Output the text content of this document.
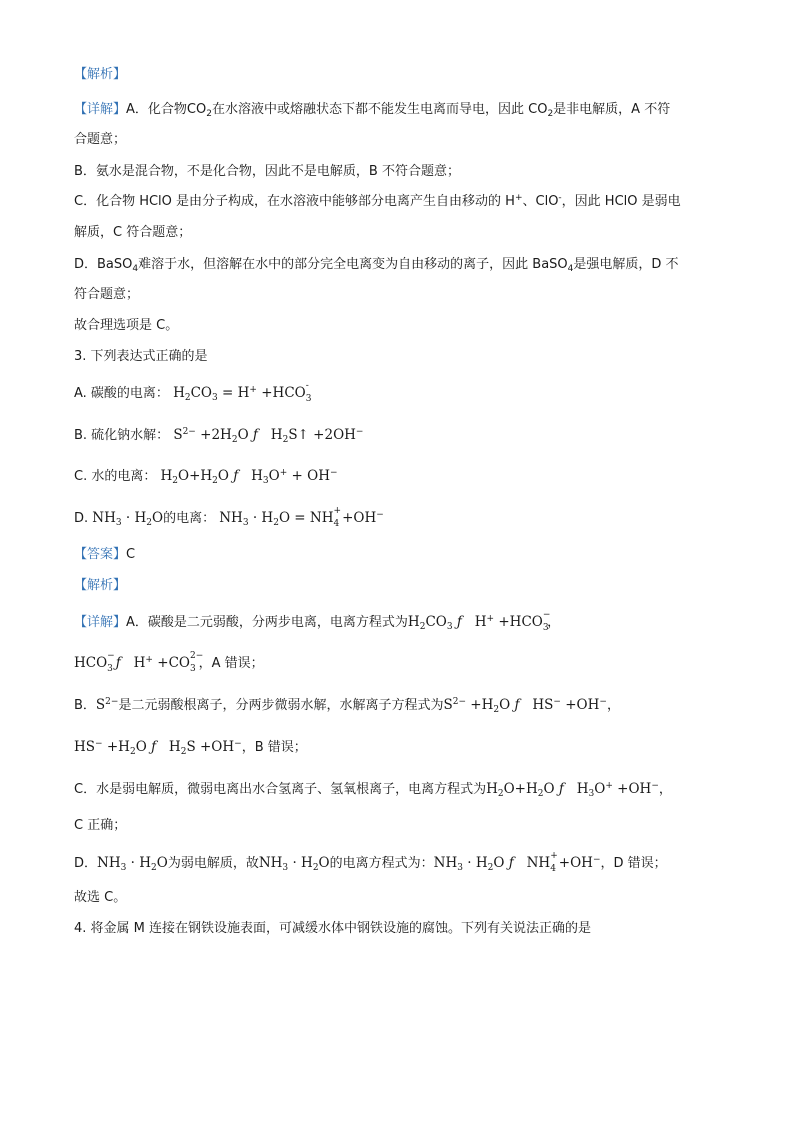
【解析】
【详解】A．化合物$CO_2$在水溶液中或熔融状态下都不能发生电离而导电，因此 $CO_2$是非电解质，A 不符
合题意；
B．氨水是混合物，不是化合物，因此不是电解质，B 不符合题意；
C．化合物 HClO 是由分子构成，在水溶液中能够部分电离产生自由移动的 H+、ClO-，因此 HClO 是弱电
解质，C 符合题意；
D．BaSO$_4$难溶于水，但溶解在水中的部分完全电离变为自由移动的离子，因此 BaSO$_4$是强电解质，D 不
符合题意；
故合理选项是 C。
3. 下列表达式正确的是
A. 碳酸的电离： $H_2CO_3 = H^+ +HCO$ -
3

B. 硫化钠水解： $S^{2-} +2H_2O$ ƒ   $H_2S↑ +2OH^-$
C. 水的电离： $H_2O+H_2O$ ƒ   $H_3O^+ + OH^-$
D. $NH_3 \cdot H_2O$的电离： $NH_3 \cdot H_2O$ = NH +
4
+OH−
【答案】C
【解析】
【详解】A．碳酸是二元弱酸，分两步电离，电离方程式为$H_2CO_3$ ƒ   H+ +HCO −
3
，
HCO −
3 ƒ   H+ +CO 2−
3 ，A 错误；
B．$S^{2-}$是二元弱酸根离子，分两步微弱水解，水解离子方程式为$S^{2-} +H_2O$ ƒ   HS− +OH−，
$HS^- +H_2O$ ƒ   $H_2S +OH^-$，B 错误；
C．水是弱电解质，微弱电离出水合氢离子、氢氧根离子，电离方程式为$H_2O+H_2O$ ƒ   $H_3O^+ +OH^-$，
C 正确；
D．$NH_3 \cdot H_2O$为弱电解质，故$NH_3 \cdot H_2O$的电离方程式为：$NH_3 \cdot H_2O$ ƒ   NH +
4
+OH−，D 错误；
故选 C。
4. 将金属 M 连接在钢铁设施表面，可减缓水体中钢铁设施的腐蚀。下列有关说法正确的是
